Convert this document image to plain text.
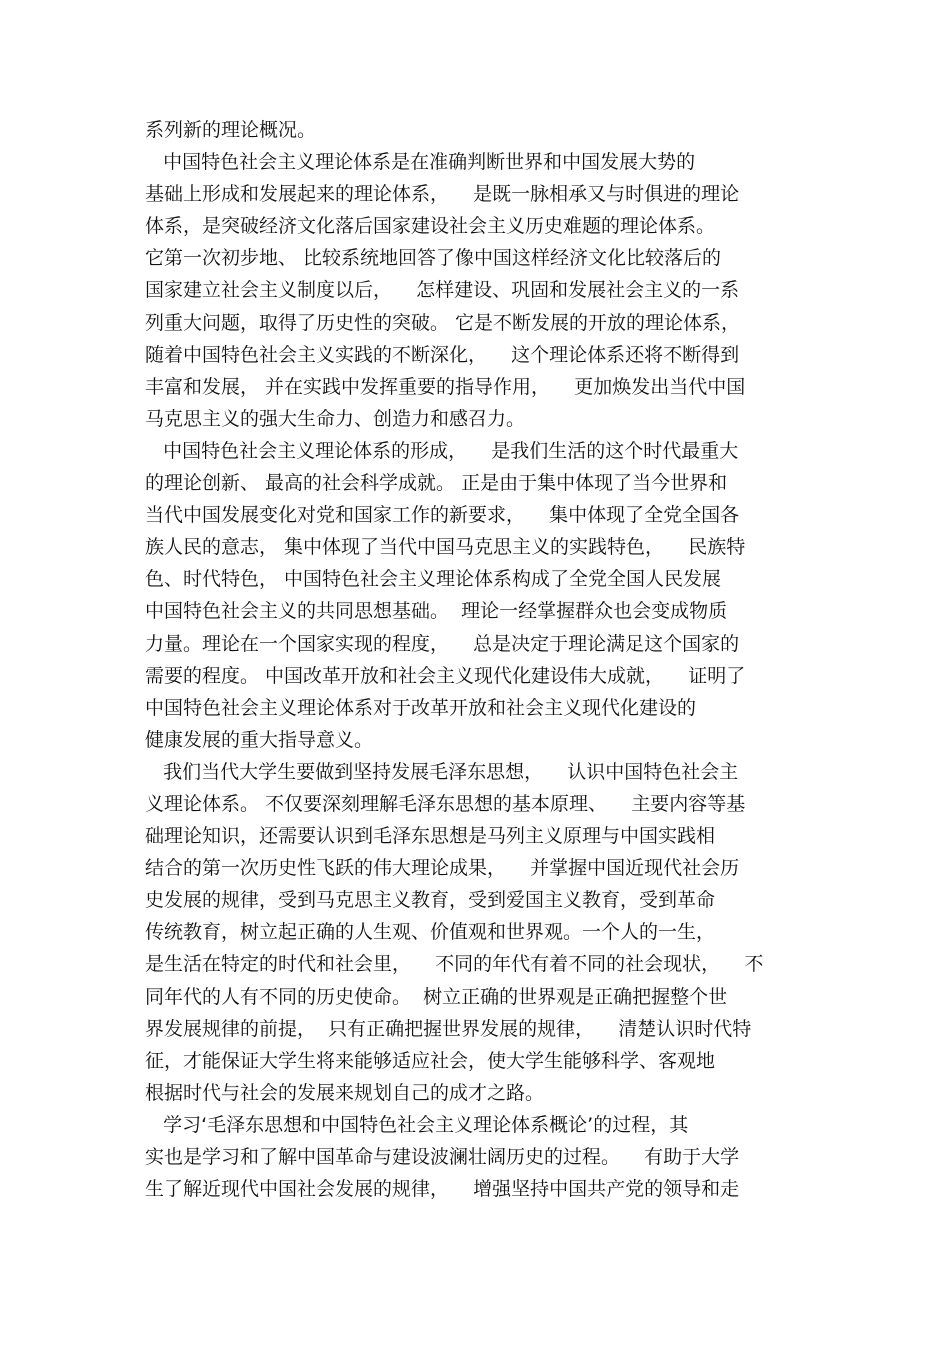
系列新的理论概况。
中国特色社会主义理论体系是在准确判断世界和中国发展大势的
基础上形成和发展起来的理论体系，    是既一脉相承又与时俱进的理论
体系，是突破经济文化落后国家建设社会主义历史难题的理论体系。
它第一次初步地、 比较系统地回答了像中国这样经济文化比较落后的
国家建立社会主义制度以后，    怎样建设、巩固和发展社会主义的一系
列重大问题，取得了历史性的突破。 它是不断发展的开放的理论体系，
随着中国特色社会主义实践的不断深化，    这个理论体系还将不断得到
丰富和发展， 并在实践中发挥重要的指导作用，    更加焕发出当代中国
马克思主义的强大生命力、创造力和感召力。
中国特色社会主义理论体系的形成，    是我们生活的这个时代最重大
的理论创新、 最高的社会科学成就。 正是由于集中体现了当今世界和
当代中国发展变化对党和国家工作的新要求，    集中体现了全党全国各
族人民的意志， 集中体现了当代中国马克思主义的实践特色，    民族特
色、时代特色， 中国特色社会主义理论体系构成了全党全国人民发展
中国特色社会主义的共同思想基础。  理论一经掌握群众也会变成物质
力量。理论在一个国家实现的程度，    总是决定于理论满足这个国家的
需要的程度。 中国改革开放和社会主义现代化建设伟大成就，    证明了
中国特色社会主义理论体系对于改革开放和社会主义现代化建设的
健康发展的重大指导意义。
我们当代大学生要做到坚持发展毛泽东思想，    认识中国特色社会主
义理论体系。 不仅要深刻理解毛泽东思想的基本原理、    主要内容等基
础理论知识，还需要认识到毛泽东思想是马列主义原理与中国实践相
结合的第一次历史性飞跃的伟大理论成果，    并掌握中国近现代社会历
史发展的规律，受到马克思主义教育，受到爱国主义教育，受到革命
传统教育，树立起正确的人生观、价值观和世界观。一个人的一生，
是生活在特定的时代和社会里，    不同的年代有着不同的社会现状，    不
同年代的人有不同的历史使命。  树立正确的世界观是正确把握整个世
界发展规律的前提，  只有正确把握世界发展的规律，    清楚认识时代特
征，才能保证大学生将来能够适应社会，使大学生能够科学、客观地
根据时代与社会的发展来规划自己的成才之路。
学习‘毛泽东思想和中国特色社会主义理论体系概论’的过程，其
实也是学习和了解中国革命与建设波澜壮阔历史的过程。    有助于大学
生了解近现代中国社会发展的规律，    增强坚持中国共产党的领导和走
